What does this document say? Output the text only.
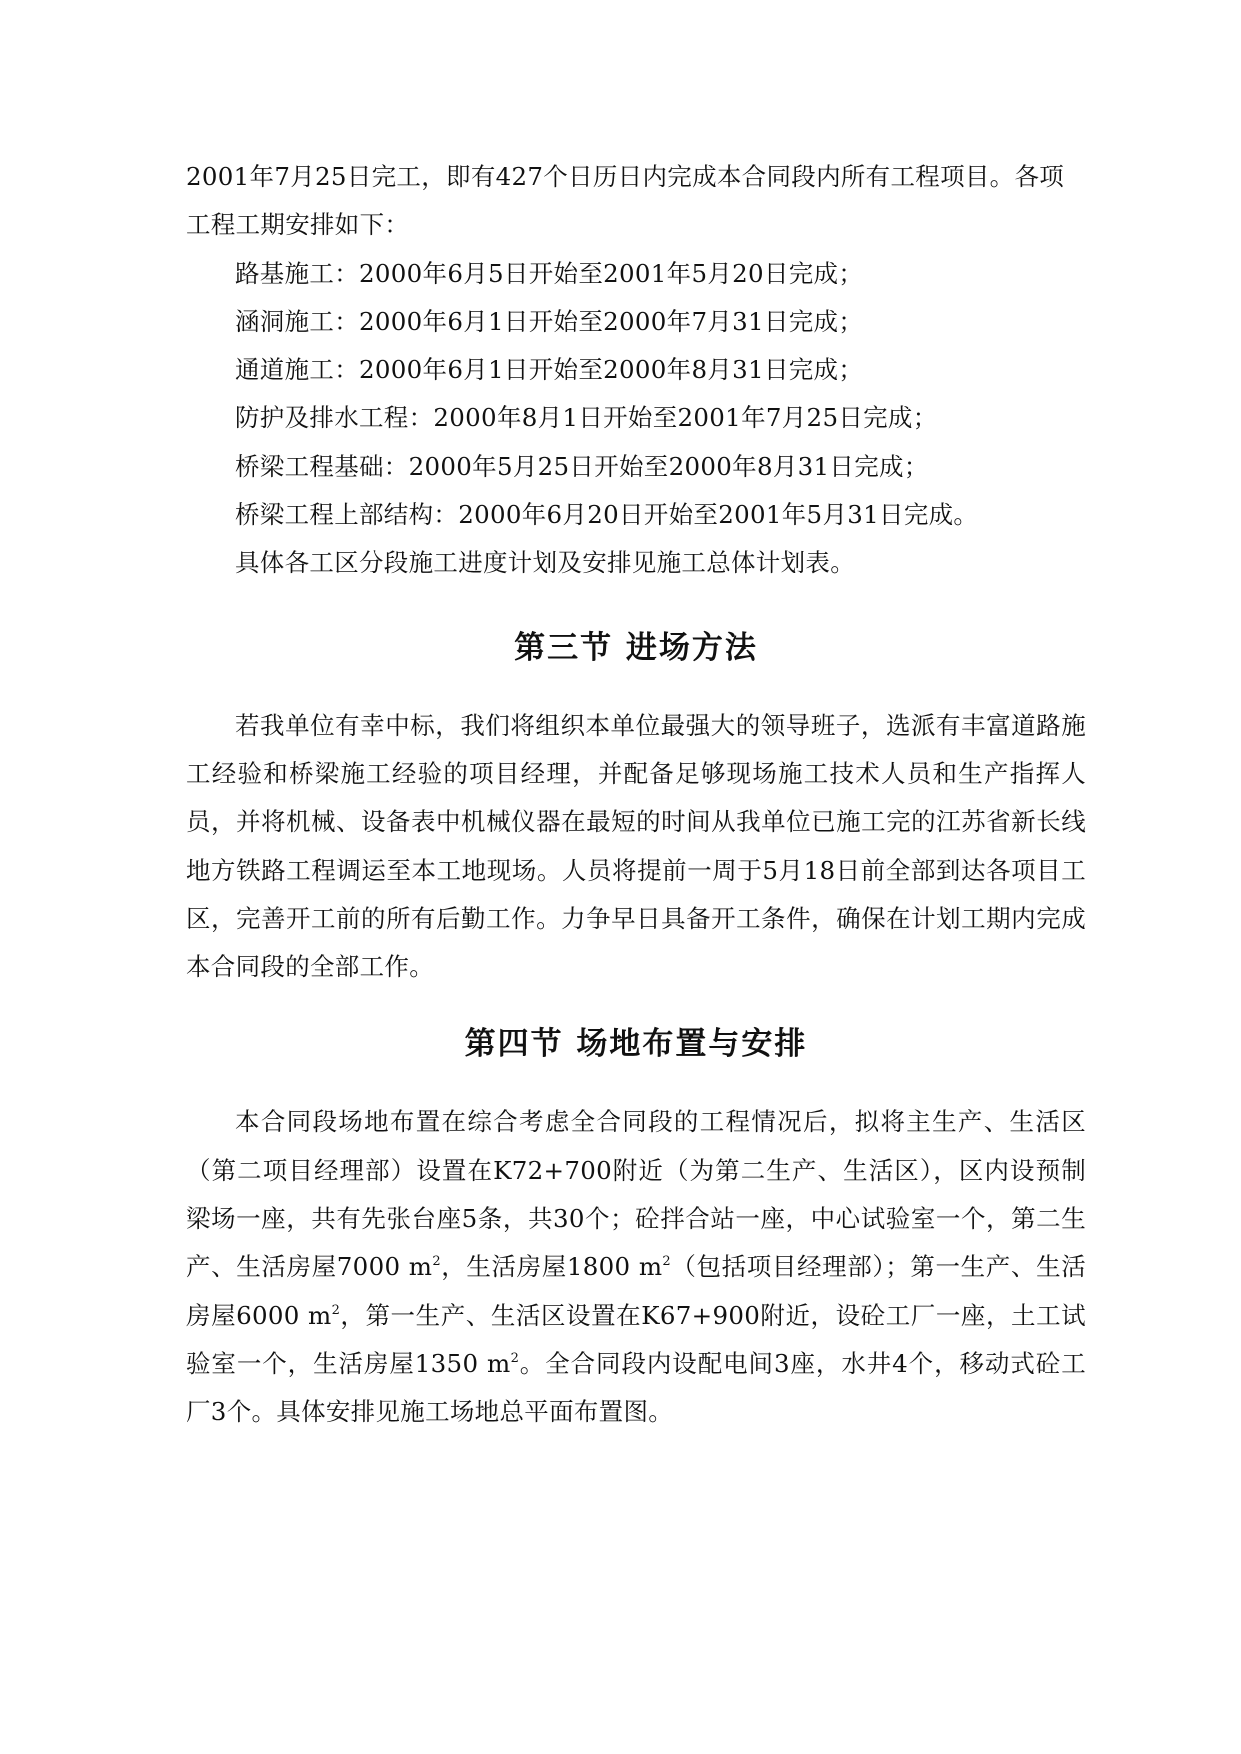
2001年7月25日完工，即有427个日历日内完成本合同段内所有工程项目。各项
工程工期安排如下：

路基施工：2000年6月5日开始至2001年5月20日完成；

涵洞施工：2000年6月1日开始至2000年7月31日完成；

通道施工：2000年6月1日开始至2000年8月31日完成；

防护及排水工程：2000年8月1日开始至2001年7月25日完成；

桥梁工程基础：2000年5月25日开始至2000年8月31日完成；

桥梁工程上部结构：2000年6月20日开始至2001年5月31日完成。

具体各工区分段施工进度计划及安排见施工总体计划表。

第三节 进场方法

若我单位有幸中标，我们将组织本单位最强大的领导班子，选派有丰富道路施工经验和桥梁施工经验的项目经理，并配备足够现场施工技术人员和生产指挥人员，并将机械、设备表中机械仪器在最短的时间从我单位已施工完的江苏省新长线地方铁路工程调运至本工地现场。人员将提前一周于5月18日前全部到达各项目工区，完善开工前的所有后勤工作。力争早日具备开工条件，确保在计划工期内完成本合同段的全部工作。

第四节 场地布置与安排

本合同段场地布置在综合考虑全合同段的工程情况后，拟将主生产、生活区（第二项目经理部）设置在K72+700附近（为第二生产、生活区），区内设预制梁场一座，共有先张台座5条，共30个；砼拌合站一座，中心试验室一个，第二生产、生活房屋7000 $m^2$，生活房屋1800 $m^2$（包括项目经理部）；第一生产、生活房屋6000 $m^2$，第一生产、生活区设置在K67+900附近，设砼工厂一座，土工试验室一个，生活房屋1350 $m^2$。全合同段内设配电间3座，水井4个，移动式砼工厂3个。具体安排见施工场地总平面布置图。
